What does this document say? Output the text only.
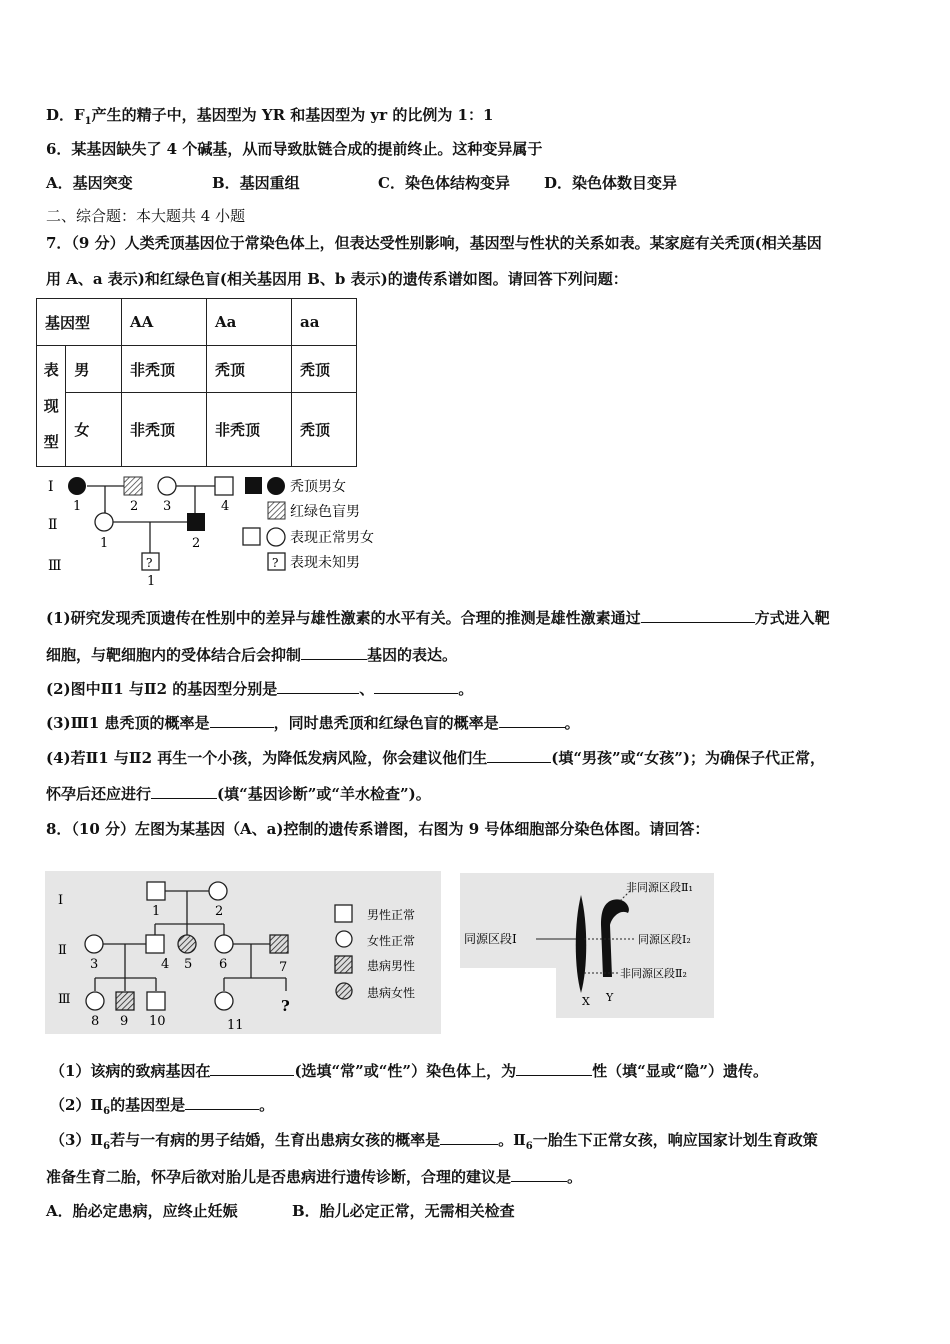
D．$F_1$产生的精子中，基因型为 YR 和基因型为 yr 的比例为 1：1
6．某基因缺失了 4 个碱基，从而导致肽链合成的提前终止。这种变异属于
A．基因突变	B．基因重组	C．染色体结构变异 D．染色体数目变异
二、综合题：本大题共 4 小题
7．（9 分）人类秃顶基因位于常染色体上，但表达受性别影响，基因型与性状的关系如表。某家庭有关秃顶(相关基因
用 A、a 表示)和红绿色盲(相关基因用 B、b 表示)的遗传系谱如图。请回答下列问题：
基因型		AA	Aa	aa

表
现
型	男	非秃顶	秃顶	秃顶
	女	非秃顶	非秃顶	秃顶
Ⅰ
Ⅱ
Ⅲ
1	2 3	4
1	2
?
1
秃顶男女
红绿色盲男
表现正常男女
? 表现未知男
(1)研究发现秃顶遗传在性别中的差异与雄性激素的水平有关。合理的推测是雄性激素通过	方式进入靶
细胞，与靶细胞内的受体结合后会抑制	基因的表达。
(2)图中Ⅱ1 与Ⅱ2 的基因型分别是	、	。
(3)Ⅲ1 患秃顶的概率是	，同时患秃顶和红绿色盲的概率是	。
(4)若Ⅱ1 与Ⅱ2 再生一个小孩，为降低发病风险，你会建议他们生	(填“男孩”或“女孩”)；为确保子代正常，
怀孕后还应进行	(填“基因诊断”或“羊水检查”)。
8．（10 分）左图为某基因（A、a)控制的遗传系谱图，右图为 9 号体细胞部分染色体图。请回答：
Ⅰ
Ⅱ
Ⅲ
1	2
3	4 5 6	7
8 9 10
?
11
男性正常
女性正常
患病男性
患病女性
非同源区段Ⅱ₁
同源区段Ⅰ	同源区段Ⅰ₂
非同源区段Ⅱ₂
X Y
（1）该病的致病基因在	(选填“常”或“性”）染色体上，为	性（填“显或“隐”）遗传。
$(2)Ⅱ_6$的基因型是	。
$(3)Ⅱ_6$若与一有病的男子结婚，生育出患病女孩的概率是	。$Ⅱ_6$一胎生下正常女孩，响应国家计划生育政策
准备生育二胎，怀孕后欲对胎儿是否患病进行遗传诊断，合理的建议是	。
A．胎必定患病，应终止妊娠	B．胎儿必定正常，无需相关检查
